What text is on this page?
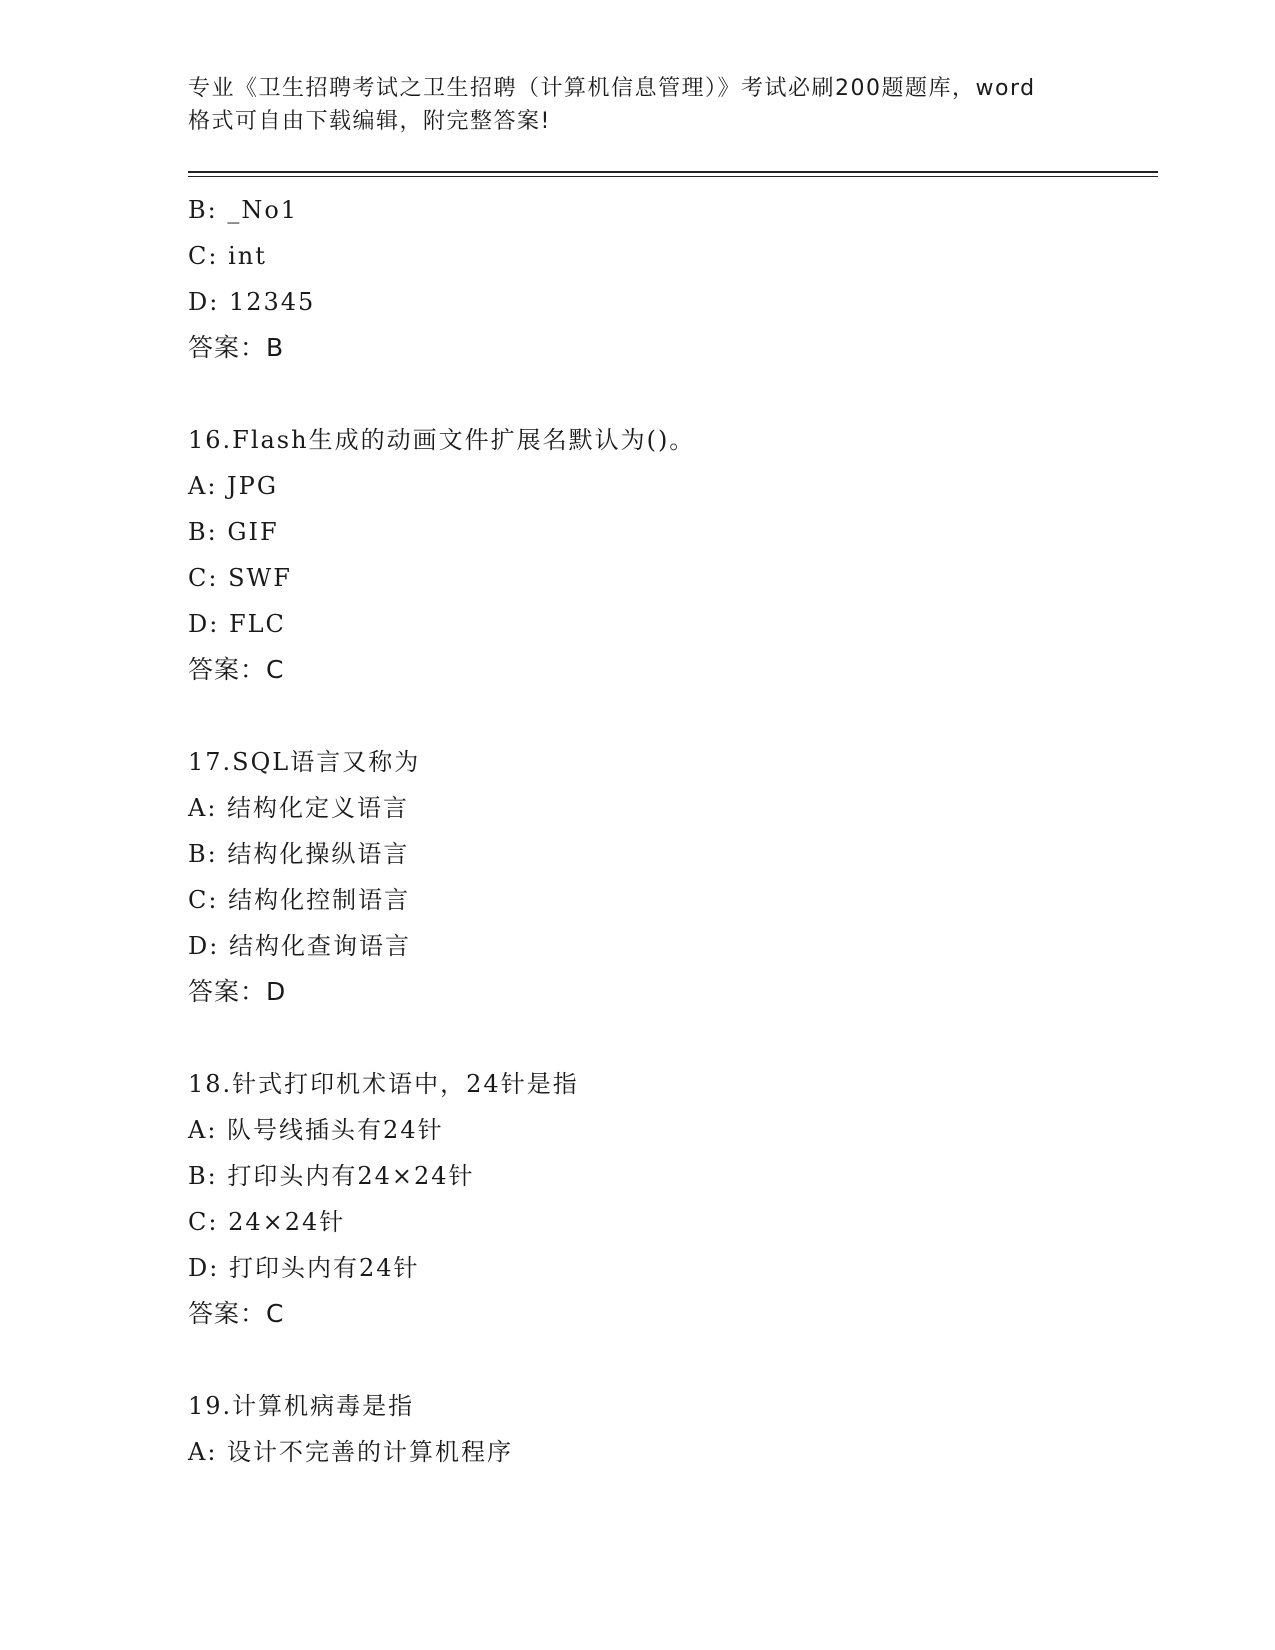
专业《卫生招聘考试之卫生招聘（计算机信息管理）》考试必刷200题题库，word
格式可自由下载编辑，附完整答案!
B: _No1
C: int
D: 12345
答案：B
16.Flash生成的动画文件扩展名默认为()。
A: JPG
B: GIF
C: SWF
D: FLC
答案：C
17.SQL语言又称为
A: 结构化定义语言
B: 结构化操纵语言
C: 结构化控制语言
D: 结构化查询语言
答案：D
18.针式打印机术语中，24针是指
A: 队号线插头有24针
B: 打印头内有24×24针
C: 24×24针
D: 打印头内有24针
答案：C
19.计算机病毒是指
A: 设计不完善的计算机程序
